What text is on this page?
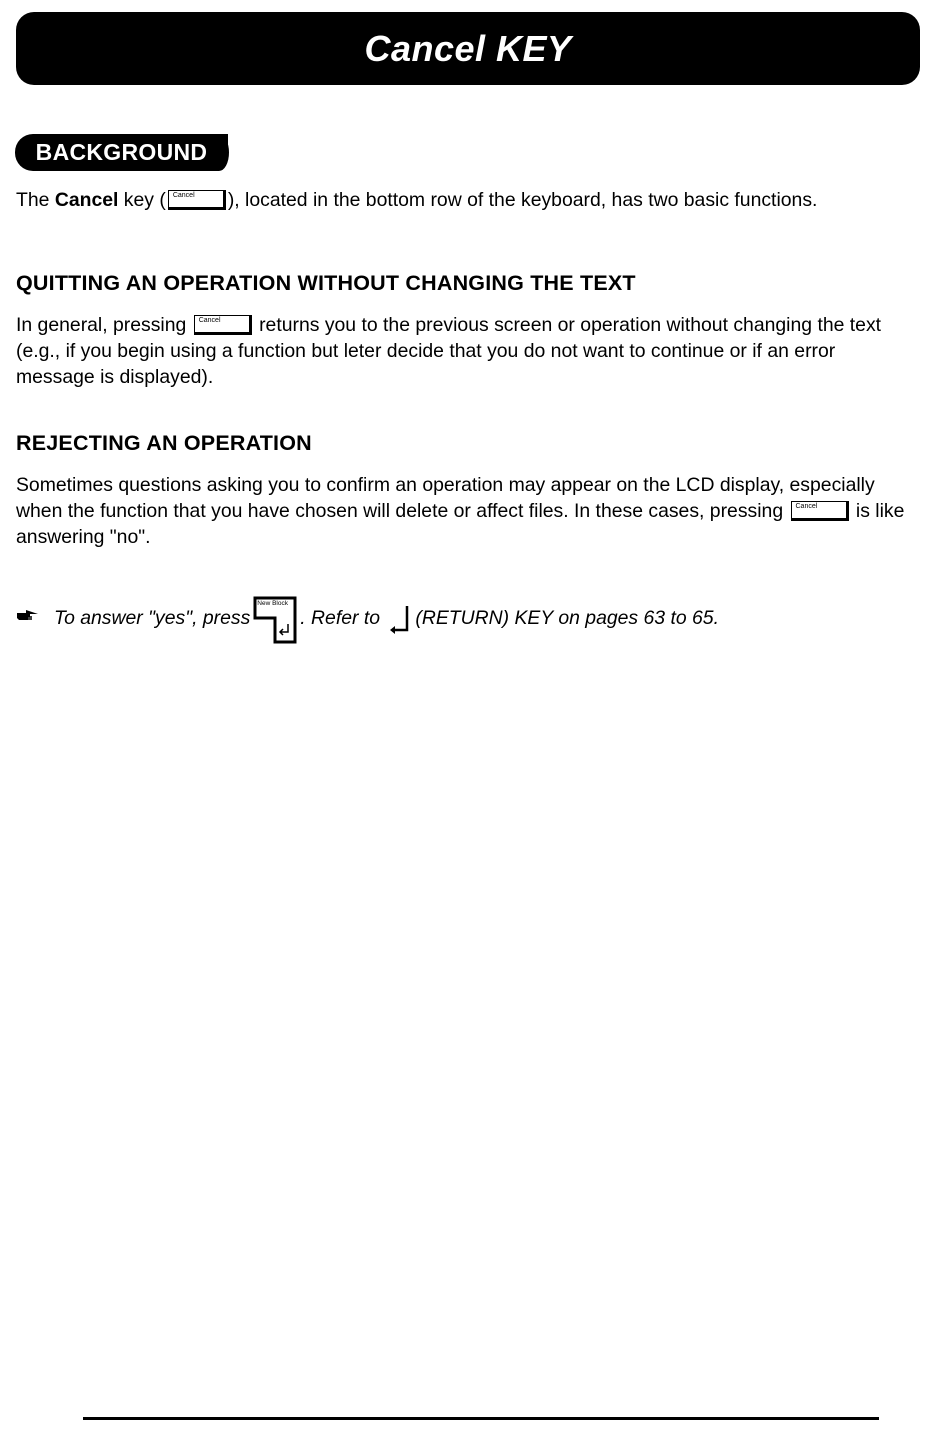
Cancel KEY
BACKGROUND

The Cancel key ( Cancel ), located in the bottom row of the keyboard, has two basic functions.

QUITTING AN OPERATION WITHOUT CHANGING THE TEXT

In general, pressing Cancel returns you to the previous screen or operation without changing the text (e.g., if you begin using a function but leter decide that you do not want to continue or if an error message is displayed).

REJECTING AN OPERATION

Sometimes questions asking you to confirm an operation may appear on the LCD display, especially when the function that you have chosen will delete or affect files. In these cases, pressing Cancel is like answering "no".

To answer "yes", press
New Block
. Refer to (RETURN) KEY on pages 63 to 65.
